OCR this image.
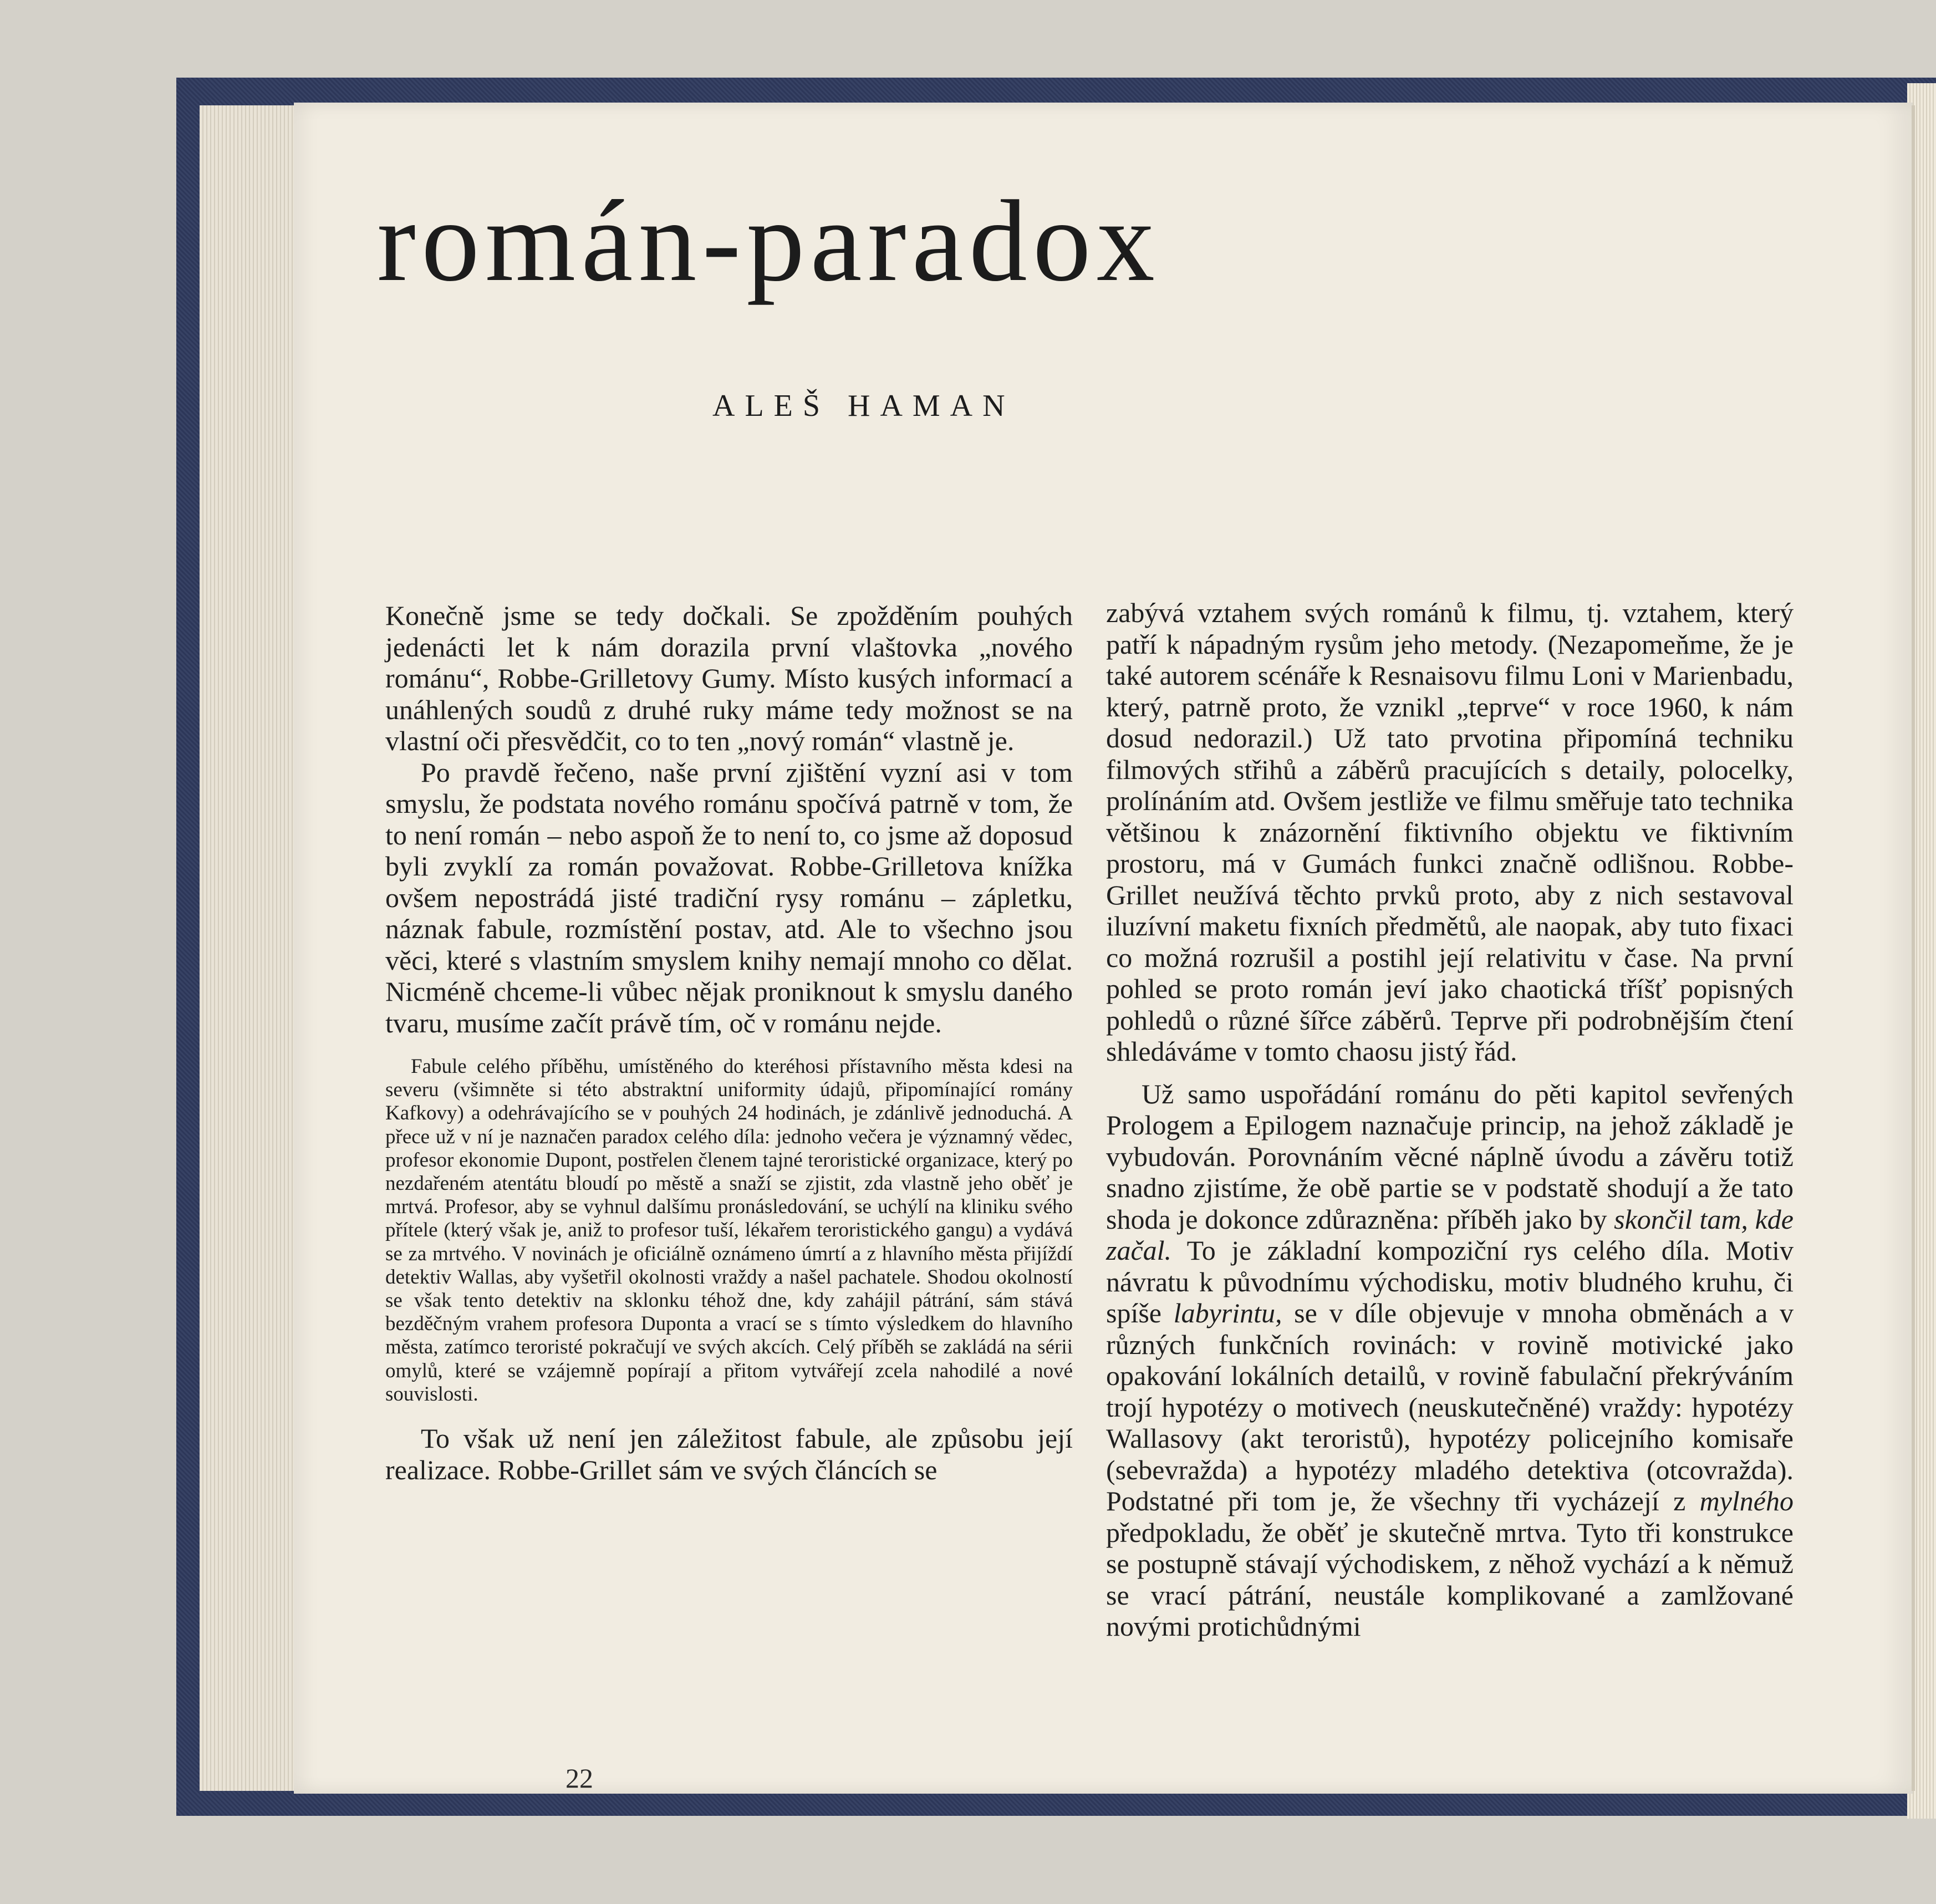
román-paradox
ALEŠ HAMAN

Konečně jsme se tedy dočkali. Se zpožděním pouhých jedenácti let k nám dorazila první vlaštovka „nového románu“, Robbe-Grilletovy Gumy. Místo kusých informací a unáhlených soudů z druhé ruky máme tedy možnost se na vlastní oči přesvědčit, co to ten „nový román“ vlastně je.

Po pravdě řečeno, naše první zjištění vyzní asi v tom smyslu, že podstata nového románu spočívá patrně v tom, že to není román – nebo aspoň že to není to, co jsme až doposud byli zvyklí za román považovat. Robbe-Grilletova knížka ovšem nepostrádá jisté tradiční rysy románu – zápletku, náznak fabule, rozmístění postav, atd. Ale to všechno jsou věci, které s vlastním smyslem knihy nemají mnoho co dělat. Nicméně chceme-li vůbec nějak proniknout k smyslu daného tvaru, musíme začít právě tím, oč v románu nejde.

Fabule celého příběhu, umístěného do kteréhosi přístavního města kdesi na severu (všimněte si této abstraktní uniformity údajů, připomínající romány Kafkovy) a odehrávajícího se v pouhých 24 hodinách, je zdánlivě jednoduchá. A přece už v ní je naznačen paradox celého díla: jednoho večera je významný vědec, profesor ekonomie Dupont, postřelen členem tajné teroristické organizace, který po nezdařeném atentátu bloudí po městě a snaží se zjistit, zda vlastně jeho oběť je mrtvá. Profesor, aby se vyhnul dalšímu pronásledování, se uchýlí na kliniku svého přítele (který však je, aniž to profesor tuší, lékařem teroristického gangu) a vydává se za mrtvého. V novinách je oficiálně oznámeno úmrtí a z hlavního města přijíždí detektiv Wallas, aby vyšetřil okolnosti vraždy a našel pachatele. Shodou okolností se však tento detektiv na sklonku téhož dne, kdy zahájil pátrání, sám stává bezděčným vrahem profesora Duponta a vrací se s tímto výsledkem do hlavního města, zatímco teroristé pokračují ve svých akcích. Celý příběh se zakládá na sérii omylů, které se vzájemně popírají a přitom vytvářejí zcela nahodilé a nové souvislosti.

To však už není jen záležitost fabule, ale způsobu její realizace. Robbe-Grillet sám ve svých článcích se

zabývá vztahem svých románů k filmu, tj. vztahem, který patří k nápadným rysům jeho metody. (Nezapomeňme, že je také autorem scénáře k Resnaisovu filmu Loni v Marienbadu, který, patrně proto, že vznikl „teprve“ v roce 1960, k nám dosud nedorazil.) Už tato prvotina připomíná techniku filmových střihů a záběrů pracujících s detaily, polocelky, prolínáním atd. Ovšem jestliže ve filmu směřuje tato technika většinou k znázornění fiktivního objektu ve fiktivním prostoru, má v Gumách funkci značně odlišnou. Robbe-Grillet neužívá těchto prvků proto, aby z nich sestavoval iluzívní maketu fixních předmětů, ale naopak, aby tuto fixaci co možná rozrušil a postihl její relativitu v čase. Na první pohled se proto román jeví jako chaotická tříšť popisných pohledů o různé šířce záběrů. Teprve při podrobnějším čtení shledáváme v tomto chaosu jistý řád.

Už samo uspořádání románu do pěti kapitol sevřených Prologem a Epilogem naznačuje princip, na jehož základě je vybudován. Porovnáním věcné náplně úvodu a závěru totiž snadno zjistíme, že obě partie se v podstatě shodují a že tato shoda je dokonce zdůrazněna: příběh jako by skončil tam, kde začal. To je základní kompoziční rys celého díla. Motiv návratu k původnímu východisku, motiv bludného kruhu, či spíše labyrintu, se v díle objevuje v mnoha obměnách a v různých funkčních rovinách: v rovině motivické jako opakování lokálních detailů, v rovině fabulační překrýváním trojí hypotézy o motivech (neuskutečněné) vraždy: hypotézy Wallasovy (akt teroristů), hypotézy policejního komisaře (sebevražda) a hypotézy mladého detektiva (otcovražda). Podstatné při tom je, že všechny tři vycházejí z mylného předpokladu, že oběť je skutečně mrtva. Tyto tři konstrukce se postupně stávají východiskem, z něhož vychází a k němuž se vrací pátrání, neustále komplikované a zamlžované novými protichůdnými

22
